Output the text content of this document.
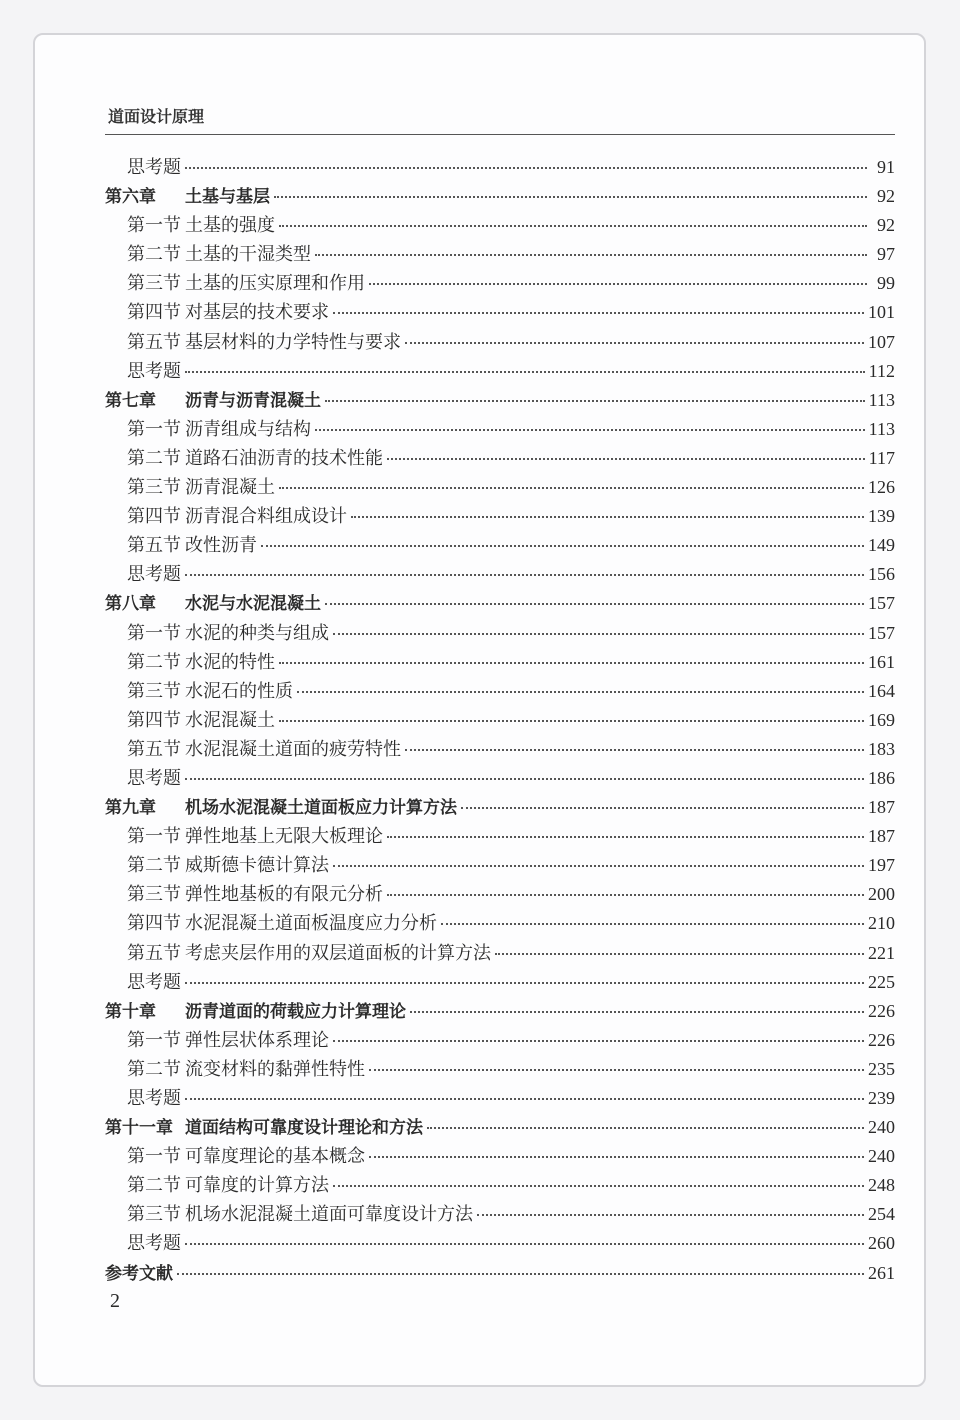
道面设计原理
思考题	91
第六章	土基与基层	92
第一节 土基的强度	92
第二节 土基的干湿类型	97
第三节 土基的压实原理和作用	99
第四节 对基层的技术要求	101
第五节 基层材料的力学特性与要求	107
思考题	112
第七章	沥青与沥青混凝土	113
第一节 沥青组成与结构	113
第二节 道路石油沥青的技术性能	117
第三节 沥青混凝土	126
第四节 沥青混合料组成设计	139
第五节 改性沥青	149
思考题	156
第八章	水泥与水泥混凝土	157
第一节 水泥的种类与组成	157
第二节 水泥的特性	161
第三节 水泥石的性质	164
第四节 水泥混凝土	169
第五节 水泥混凝土道面的疲劳特性	183
思考题	186
第九章	机场水泥混凝土道面板应力计算方法	187
第一节 弹性地基上无限大板理论	187
第二节 威斯德卡德计算法	197
第三节 弹性地基板的有限元分析	200
第四节 水泥混凝土道面板温度应力分析	210
第五节 考虑夹层作用的双层道面板的计算方法	221
思考题	225
第十章	沥青道面的荷载应力计算理论	226
第一节 弹性层状体系理论	226
第二节 流变材料的黏弹性特性	235
思考题	239
第十一章 道面结构可靠度设计理论和方法	240
第一节 可靠度理论的基本概念	240
第二节 可靠度的计算方法	248
第三节 机场水泥混凝土道面可靠度设计方法	254
思考题	260
参考文献	261
2
